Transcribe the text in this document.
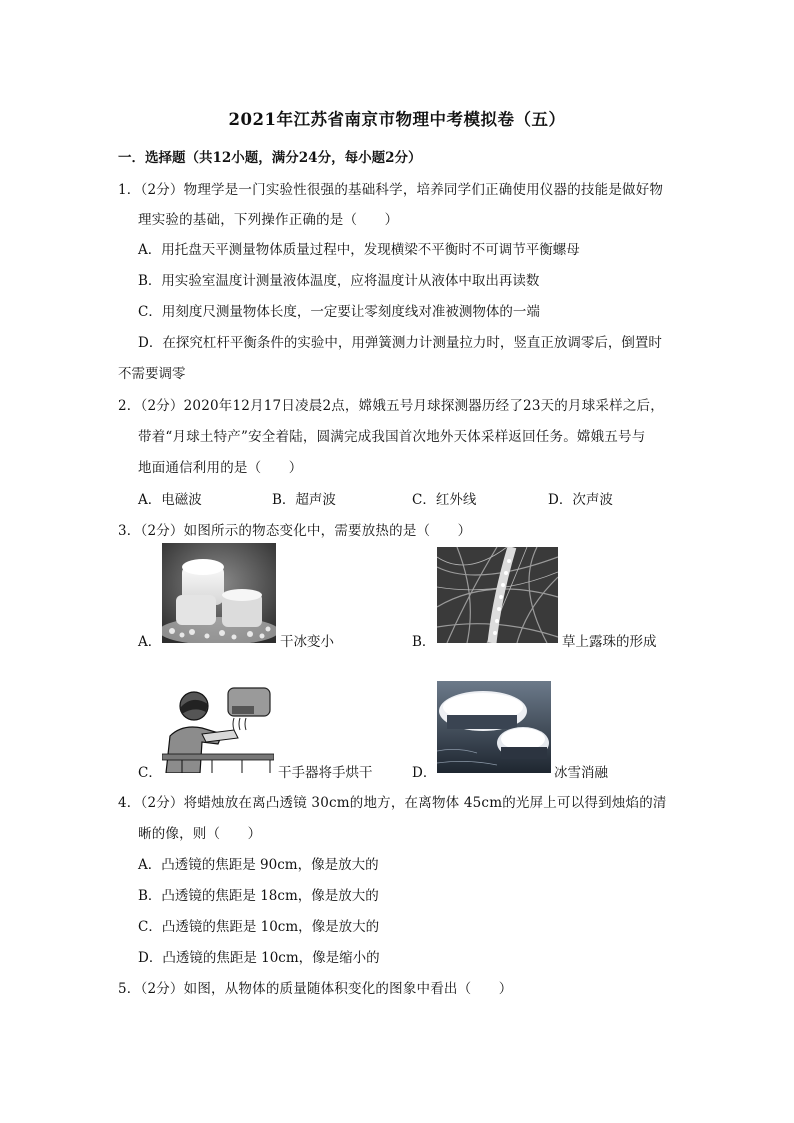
2021年江苏省南京市物理中考模拟卷（五）
一．选择题（共12小题，满分24分，每小题2分）
1．（2分）物理学是一门实验性很强的基础科学，培养同学们正确使用仪器的技能是做好物
理实验的基础，下列操作正确的是（　　）
A．用托盘天平测量物体质量过程中，发现横梁不平衡时不可调节平衡螺母
B．用实验室温度计测量液体温度，应将温度计从液体中取出再读数
C．用刻度尺测量物体长度，一定要让零刻度线对准被测物体的一端
D．在探究杠杆平衡条件的实验中，用弹簧测力计测量拉力时，竖直正放调零后，倒置时
不需要调零
2．（2分）2020年12月17日凌晨2点，嫦娥五号月球探测器历经了23天的月球采样之后，
带着“月球土特产”安全着陆，圆满完成我国首次地外天体采样返回任务。嫦娥五号与
地面通信利用的是（　　）
A．电磁波	B．超声波	C．红外线	D．次声波
3．（2分）如图所示的物态变化中，需要放热的是（　　）
A．	干冰变小	B．	草上露珠的形成
C．	干手器将手烘干	D．	冰雪消融
4．（2分）将蜡烛放在离凸透镜 30cm的地方，在离物体 45cm的光屏上可以得到烛焰的清
晰的像，则（　　）
A．凸透镜的焦距是 90cm，像是放大的
B．凸透镜的焦距是 18cm，像是放大的
C．凸透镜的焦距是 10cm，像是放大的
D．凸透镜的焦距是 10cm，像是缩小的
5．（2分）如图，从物体的质量随体积变化的图象中看出（　　）
